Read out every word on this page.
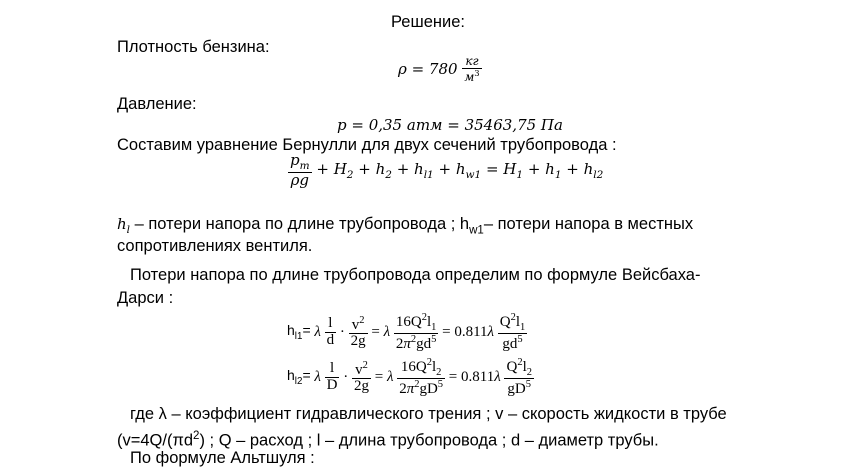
Решение:
Плотность бензина:
$\rho = 780 \frac{кг}{м^3}$
Давление:
p = 0,35 атм = 35463,75 Па
Составим уравнение Бернулли для двух сечений трубопровода :
$\frac{p_m}{\rho g} + H_2 + h_2 + h_{l1} + h_{w1} = H_1 + h_1 + h_{l2}$
$h_l$ – потери напора по длине трубопровода ; $h_{w1}-$ потери напора в местных
сопротивлениях вентиля.
Потери напора по длине трубопровода определим по формуле Вейсбаха-
Дарси :
$h_{l1}= \lambda \frac{l}{d} \cdot \frac{v^2}{2g} = \lambda \frac{16Q^2l_1}{2\pi^2gd^5} = 0.811\lambda \frac{Q^2l_1}{gd^5}$
$h_{l2}= \lambda \frac{l}{D} \cdot \frac{v^2}{2g} = \lambda \frac{16Q^2l_2}{2\pi^2gD^5} = 0.811\lambda \frac{Q^2l_2}{gD^5}$
где λ – коэффициент гидравлического трения ; v – скорость жидкости в трубе
($v=4Q/(\pi d^2)$ ; Q – расход ; l – длина трубопровода ; d – диаметр трубы.
По формуле Альтшуля :
